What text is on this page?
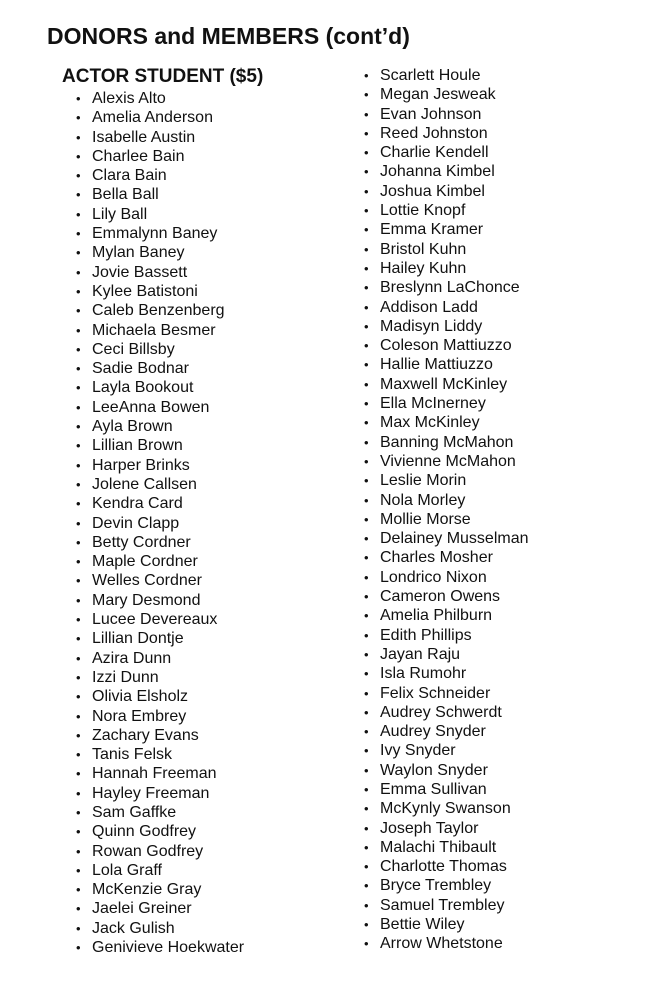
DONORS and MEMBERS (cont’d)
ACTOR STUDENT ($5)
• Alexis Alto
• Amelia Anderson
• Isabelle Austin
• Charlee Bain
• Clara Bain
• Bella Ball
• Lily Ball
• Emmalynn Baney
• Mylan Baney
• Jovie Bassett
• Kylee Batistoni
• Caleb Benzenberg
• Michaela Besmer
• Ceci Billsby
• Sadie Bodnar
• Layla Bookout
• LeeAnna Bowen
• Ayla Brown
• Lillian Brown
• Harper Brinks
• Jolene Callsen
• Kendra Card
• Devin Clapp
• Betty Cordner
• Maple Cordner
• Welles Cordner
• Mary Desmond
• Lucee Devereaux
• Lillian Dontje
• Azira Dunn
• Izzi Dunn
• Olivia Elsholz
• Nora Embrey
• Zachary Evans
• Tanis Felsk
• Hannah Freeman
• Hayley Freeman
• Sam Gaffke
• Quinn Godfrey
• Rowan Godfrey
• Lola Graff
• McKenzie Gray
• Jaelei Greiner
• Jack Gulish
• Genivieve Hoekwater
• Scarlett Houle
• Megan Jesweak
• Evan Johnson
• Reed Johnston
• Charlie Kendell
• Johanna Kimbel
• Joshua Kimbel
• Lottie Knopf
• Emma Kramer
• Bristol Kuhn
• Hailey Kuhn
• Breslynn LaChonce
• Addison Ladd
• Madisyn Liddy
• Coleson Mattiuzzo
• Hallie Mattiuzzo
• Maxwell McKinley
• Ella McInerney
• Max McKinley
• Banning McMahon
• Vivienne McMahon
• Leslie Morin
• Nola Morley
• Mollie Morse
• Delainey Musselman
• Charles Mosher
• Londrico Nixon
• Cameron Owens
• Amelia Philburn
• Edith Phillips
• Jayan Raju
• Isla Rumohr
• Felix Schneider
• Audrey Schwerdt
• Audrey Snyder
• Ivy Snyder
• Waylon Snyder
• Emma Sullivan
• McKynly Swanson
• Joseph Taylor
• Malachi Thibault
• Charlotte Thomas
• Bryce Trembley
• Samuel Trembley
• Bettie Wiley
• Arrow Whetstone
